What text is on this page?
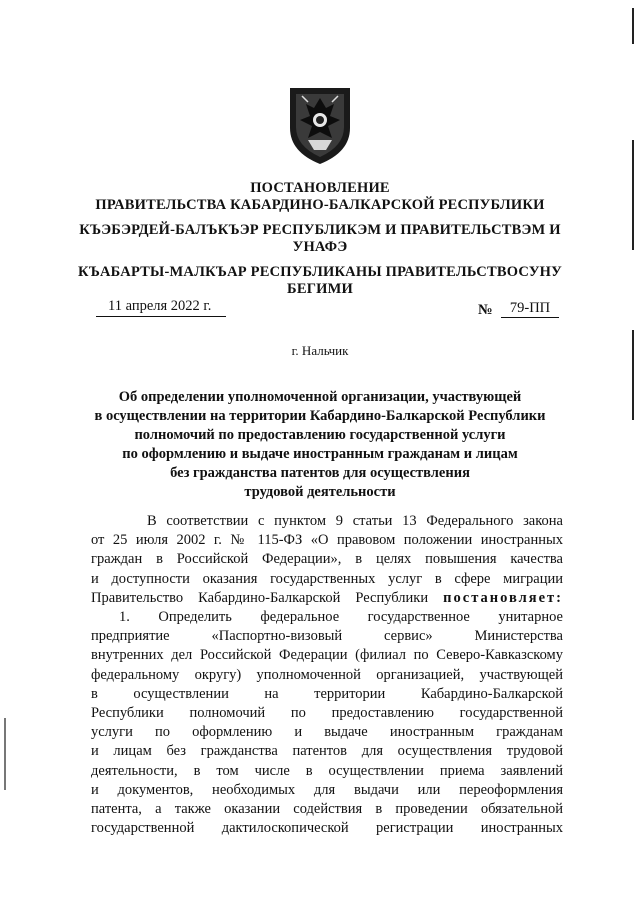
ПОСТАНОВЛЕНИЕ
ПРАВИТЕЛЬСТВА КАБАРДИНО-БАЛКАРСКОЙ РЕСПУБЛИКИ
КЪЭБЭРДЕЙ-БАЛЪКЪЭР РЕСПУБЛИКЭМ И ПРАВИТЕЛЬСТВЭМ И
УНАФЭ
КЪАБАРТЫ-МАЛКЪАР РЕСПУБЛИКАНЫ ПРАВИТЕЛЬСТВОСУНУ
БЕГИМИ
11 апреля 2022 г.	№	79-ПП
г. Нальчик
Об определении уполномоченной организации, участвующей
в осуществлении на территории Кабардино-Балкарской Республики
полномочий по предоставлению государственной услуги
по оформлению и выдаче иностранным гражданам и лицам
без гражданства патентов для осуществления
трудовой деятельности
В соответствии с пунктом 9 статьи 13 Федерального закона
от 25 июля 2002 г. № 115-ФЗ «О правовом положении иностранных
граждан в Российской Федерации», в целях повышения качества
и доступности оказания государственных услуг в сфере миграции
Правительство Кабардино-Балкарской Республики постановляет:
1. Определить федеральное государственное унитарное
предприятие «Паспортно-визовый сервис» Министерства
внутренних дел Российской Федерации (филиал по Северо-Кавказскому
федеральному округу) уполномоченной организацией, участвующей
в осуществлении на территории Кабардино-Балкарской
Республики полномочий по предоставлению государственной
услуги по оформлению и выдаче иностранным гражданам
и лицам без гражданства патентов для осуществления трудовой
деятельности, в том числе в осуществлении приема заявлений
и документов, необходимых для выдачи или переоформления
патента, а также оказании содействия в проведении обязательной
государственной дактилоскопической регистрации иностранных
